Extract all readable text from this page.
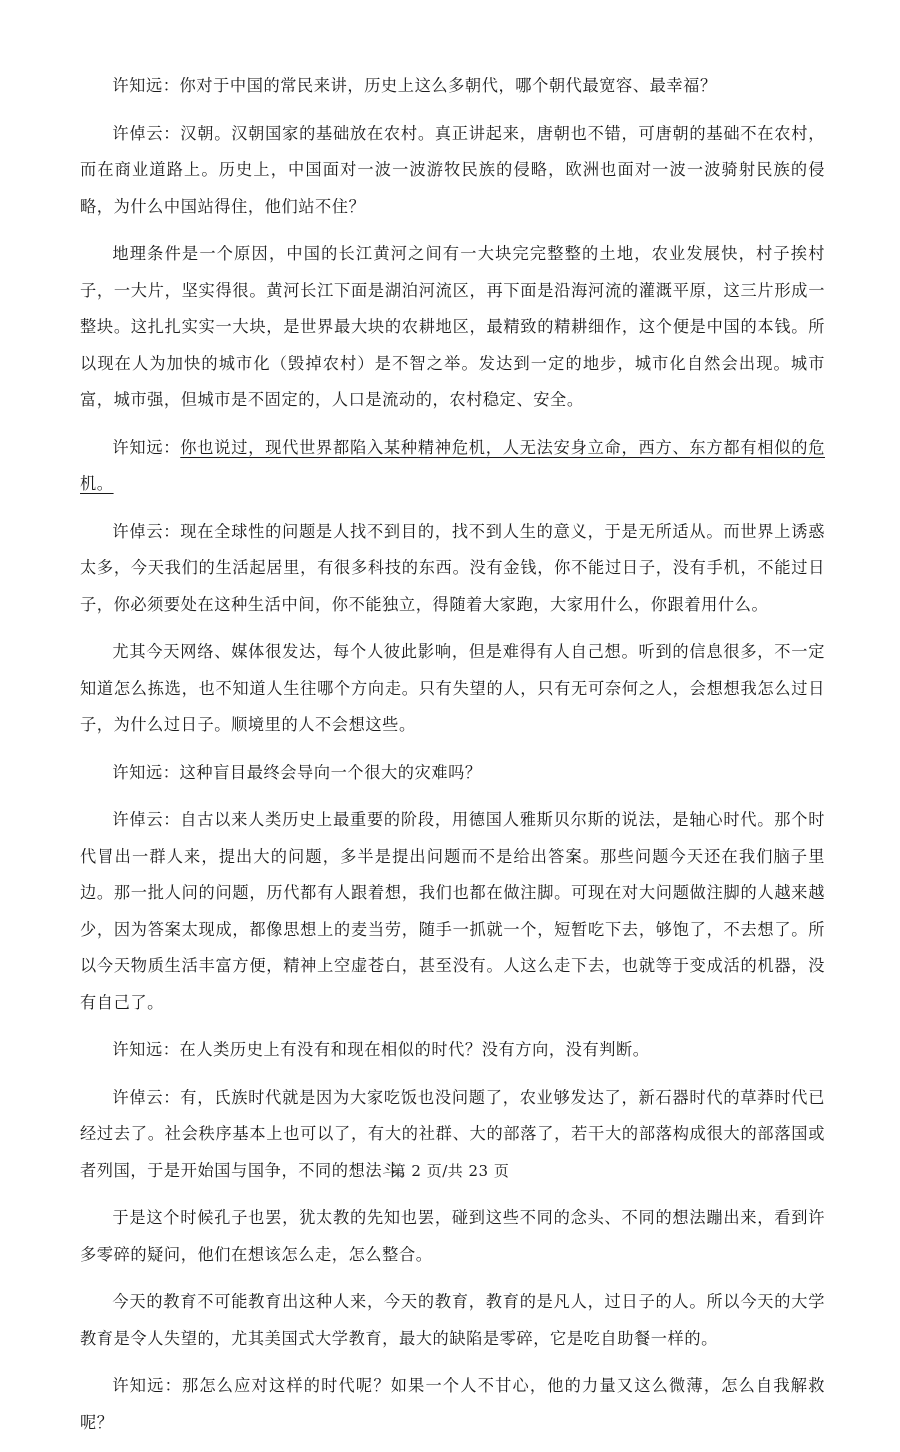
许知远：你对于中国的常民来讲，历史上这么多朝代，哪个朝代最宽容、最幸福？

许倬云：汉朝。汉朝国家的基础放在农村。真正讲起来，唐朝也不错，可唐朝的基础不在农村，而在商业道路上。历史上，中国面对一波一波游牧民族的侵略，欧洲也面对一波一波骑射民族的侵略，为什么中国站得住，他们站不住？

地理条件是一个原因，中国的长江黄河之间有一大块完完整整的土地，农业发展快，村子挨村子，一大片，坚实得很。黄河长江下面是湖泊河流区，再下面是沿海河流的灌溉平原，这三片形成一整块。这扎扎实实一大块，是世界最大块的农耕地区，最精致的精耕细作，这个便是中国的本钱。所以现在人为加快的城市化（毁掉农村）是不智之举。发达到一定的地步，城市化自然会出现。城市富，城市强，但城市是不固定的，人口是流动的，农村稳定、安全。

许知远：你也说过，现代世界都陷入某种精神危机，人无法安身立命，西方、东方都有相似的危机。

许倬云：现在全球性的问题是人找不到目的，找不到人生的意义，于是无所适从。而世界上诱惑太多，今天我们的生活起居里，有很多科技的东西。没有金钱，你不能过日子，没有手机，不能过日子，你必须要处在这种生活中间，你不能独立，得随着大家跑，大家用什么，你跟着用什么。

尤其今天网络、媒体很发达，每个人彼此影响，但是难得有人自己想。听到的信息很多，不一定知道怎么拣选，也不知道人生往哪个方向走。只有失望的人，只有无可奈何之人，会想想我怎么过日子，为什么过日子。顺境里的人不会想这些。

许知远：这种盲目最终会导向一个很大的灾难吗？

许倬云：自古以来人类历史上最重要的阶段，用德国人雅斯贝尔斯的说法，是轴心时代。那个时代冒出一群人来，提出大的问题，多半是提出问题而不是给出答案。那些问题今天还在我们脑子里边。那一批人问的问题，历代都有人跟着想，我们也都在做注脚。可现在对大问题做注脚的人越来越少，因为答案太现成，都像思想上的麦当劳，随手一抓就一个，短暂吃下去，够饱了，不去想了。所以今天物质生活丰富方便，精神上空虚苍白，甚至没有。人这么走下去，也就等于变成活的机器，没有自己了。

许知远：在人类历史上有没有和现在相似的时代？没有方向，没有判断。

许倬云：有，氏族时代就是因为大家吃饭也没问题了，农业够发达了，新石器时代的草莽时代已经过去了。社会秩序基本上也可以了，有大的社群、大的部落了，若干大的部落构成很大的部落国或者列国，于是开始国与国争，不同的想法斗。

于是这个时候孔子也罢，犹太教的先知也罢，碰到这些不同的念头、不同的想法蹦出来，看到许多零碎的疑问，他们在想该怎么走，怎么整合。

今天的教育不可能教育出这种人来，今天的教育，教育的是凡人，过日子的人。所以今天的大学教育是令人失望的，尤其美国式大学教育，最大的缺陷是零碎，它是吃自助餐一样的。

许知远：那怎么应对这样的时代呢？如果一个人不甘心，他的力量又这么微薄，怎么自我解救呢？

第 2 页/共 23 页
